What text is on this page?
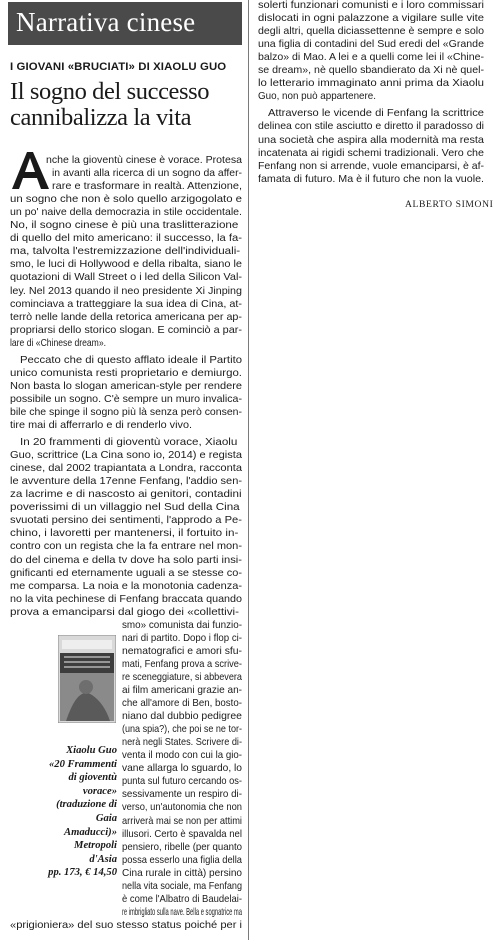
Narrativa cinese
I GIOVANI «BRUCIATI» DI XIAOLU GUO
Il sogno del successo
cannibalizza la vita
nche la gioventù cinese è vorace. Protesa
in avanti alla ricerca di un sogno da affer-
rare e trasformare in realtà. Attenzione,
un sogno che non è solo quello arzigogolato e
un po' naive della democrazia in stile occidentale.
No, il sogno cinese è più una traslitterazione
di quello del mito americano: il successo, la fa-
ma, talvolta l'estremizzazione dell'individuali-
smo, le luci di Hollywood e della ribalta, siano le
quotazioni di Wall Street o i led della Silicon Val-
ley. Nel 2013 quando il neo presidente Xi Jinping
cominciava a tratteggiare la sua idea di Cina, at-
terrò nelle lande della retorica americana per ap-
propriarsi dello storico slogan. E cominciò a par-
lare di «Chinese dream».
Peccato che di questo afflato ideale il Partito
unico comunista resti proprietario e demiurgo.
Non basta lo slogan american-style per rendere
possibile un sogno. C'è sempre un muro invalica-
bile che spinge il sogno più là senza però consen-
tire mai di afferrarlo e di renderlo vivo.
In 20 frammenti di gioventù vorace, Xiaolu
Guo, scrittrice (La Cina sono io, 2014) e regista
cinese, dal 2002 trapiantata a Londra, racconta
le avventure della 17enne Fenfang, l'addio sen-
za lacrime e di nascosto ai genitori, contadini
poverissimi di un villaggio nel Sud della Cina
svuotati persino dei sentimenti, l'approdo a Pe-
chino, i lavoretti per mantenersi, il fortuito in-
contro con un regista che la fa entrare nel mon-
do del cinema e della tv dove ha solo parti insi-
gnificanti ed eternamente uguali a se stesse co-
me comparsa. La noia e la monotonia cadenza-
no la vita pechinese di Fenfang braccata quando
prova a emanciparsi dal giogo dei «collettivi-
smo» comunista dai funzio-
nari di partito. Dopo i flop ci-
nematografici e amori sfu-
mati, Fenfang prova a scrive-
re sceneggiature, si abbevera
ai film americani grazie an-
che all'amore di Ben, bosto-
niano dal dubbio pedigree
(una spia?), che poi se ne tor-
nerà negli States. Scrivere di-
venta il modo con cui la gio-
vane allarga lo sguardo, lo
punta sul futuro cercando os-
sessivamente un respiro di-
verso, un'autonomia che non
arriverà mai se non per attimi
illusori. Certo è spavalda nel
pensiero, ribelle (per quanto
possa esserlo una figlia della
Cina rurale in città) persino
nella vita sociale, ma Fenfang
è come l'Albatro di Baudelai-
re imbrigliato sulla nave. Bella e sognatrice ma
«prigioniera» del suo stesso status poiché per i
Xiaolu Guo
«20 Frammenti
di gioventù
vorace»
(traduzione di
Gaia
Amaducci)»
Metropoli
d'Asia
pp. 173, € 14,50
solerti funzionari comunisti e i loro commissari
dislocati in ogni palazzone a vigilare sulle vite
degli altri, quella diciassettenne è sempre e solo
una figlia di contadini del Sud eredi del «Grande
balzo» di Mao. A lei e a quelli come lei il «Chine-
se dream», nè quello sbandierato da Xi nè quel-
lo letterario immaginato anni prima da Xiaolu
Guo, non può appartenere.
Attraverso le vicende di Fenfang la scrittrice
delinea con stile asciutto e diretto il paradosso di
una società che aspira alla modernità ma resta
incatenata ai rigidi schemi tradizionali. Vero che
Fenfang non si arrende, vuole emanciparsi, è af-
famata di futuro. Ma è il futuro che non la vuole.
ALBERTO SIMONI
